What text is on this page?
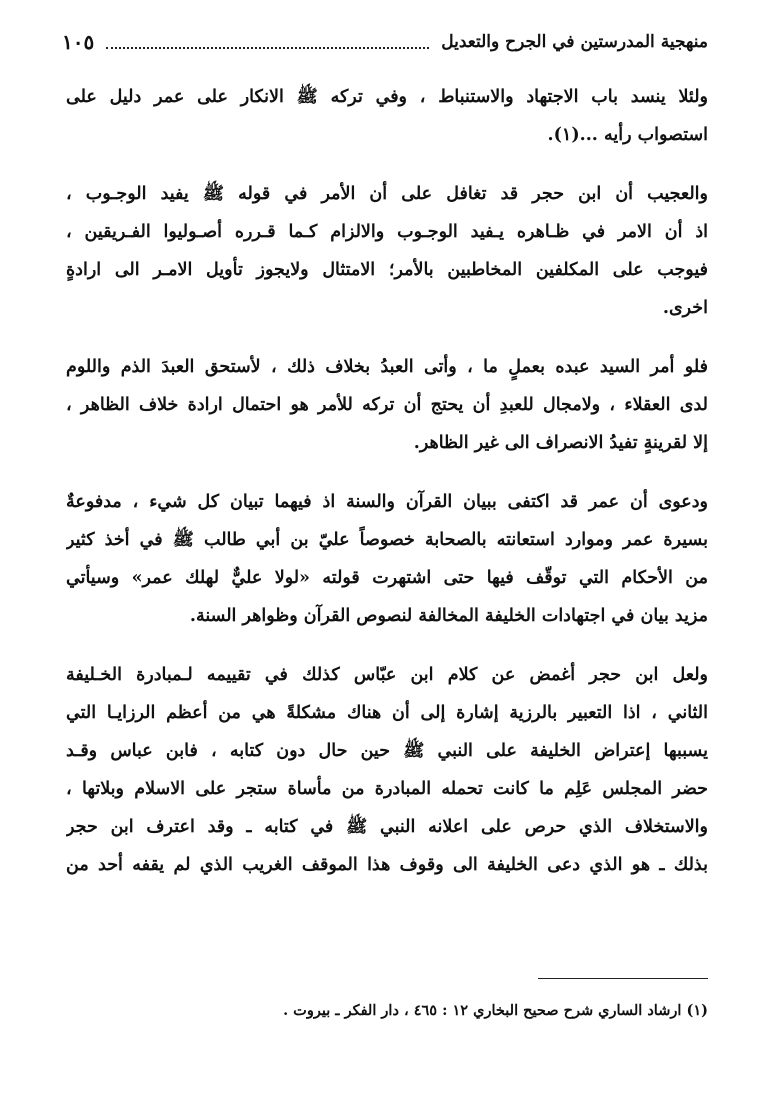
منهجية المدرستين في الجرح والتعديل
١٠٥
ولئلا ينسد باب الاجتهاد والاستنباط ، وفي تركه ﷺ الانكار على عمر دليل على
استصواب رأيه ...(١).
والعجيب أن ابن حجر قد تغافل على أن الأمر في قوله ﷺ يفيد الوجـوب ،
اذ أن الامر في ظـاهره يـفيد الوجـوب والالزام كـما قـرره أصـوليوا الفـريقين ،
فيوجب على المكلفين المخاطبين بالأمر؛ الامتثال ولايجوز تأويل الامـر الى ارادةٍ
اخرى.
فلو أمر السيد عبده بعملٍ ما ، وأتى العبدُ بخلاف ذلك ، لأستحق العبدَ الذم واللوم
لدى العقلاء ، ولامجال للعبدِ أن يحتج أن تركه للأمر هو احتمال ارادة خلاف الظاهر ،
إلا لقرينةٍ تفيدُ الانصراف الى غير الظاهر.
ودعوى أن عمر قد اكتفى ببيان القرآن والسنة اذ فيهما تبيان كل شيء ، مدفوعةٌ
بسيرة عمر وموارد استعانته بالصحابة خصوصاً عليّ بن أبي طالب ﷺ في أخذ كثير
من الأحكام التي توقّف فيها حتى اشتهرت قولته «لولا عليٌّ لهلك عمر» وسيأتي
مزيد بيان في اجتهادات الخليفة المخالفة لنصوص القرآن وظواهر السنة.
ولعل ابن حجر أغمض عن كلام ابن عبّاس كذلك في تقييمه لـمبادرة الخـليفة
الثاني ، اذا التعبير بالرزية إشارة إلى أن هناك مشكلةً هي من أعظم الرزايـا التي
يسببها إعتراض الخليفة على النبي ﷺ حين حال دون كتابه ، فابن عباس وقـد
حضر المجلس عَلِم ما كانت تحمله المبادرة من مأساة ستجر على الاسلام وبلاتها ،
والاستخلاف الذي حرص على اعلانه النبي ﷺ في كتابه ـ وقد اعترف ابن حجر
بذلك ـ هو الذي دعى الخليفة الى وقوف هذا الموقف الغريب الذي لم يقفه أحد من
(١) ارشاد الساري شرح صحيح البخاري ١٢ : ٤٦٥ ، دار الفكر ـ بيروت .
